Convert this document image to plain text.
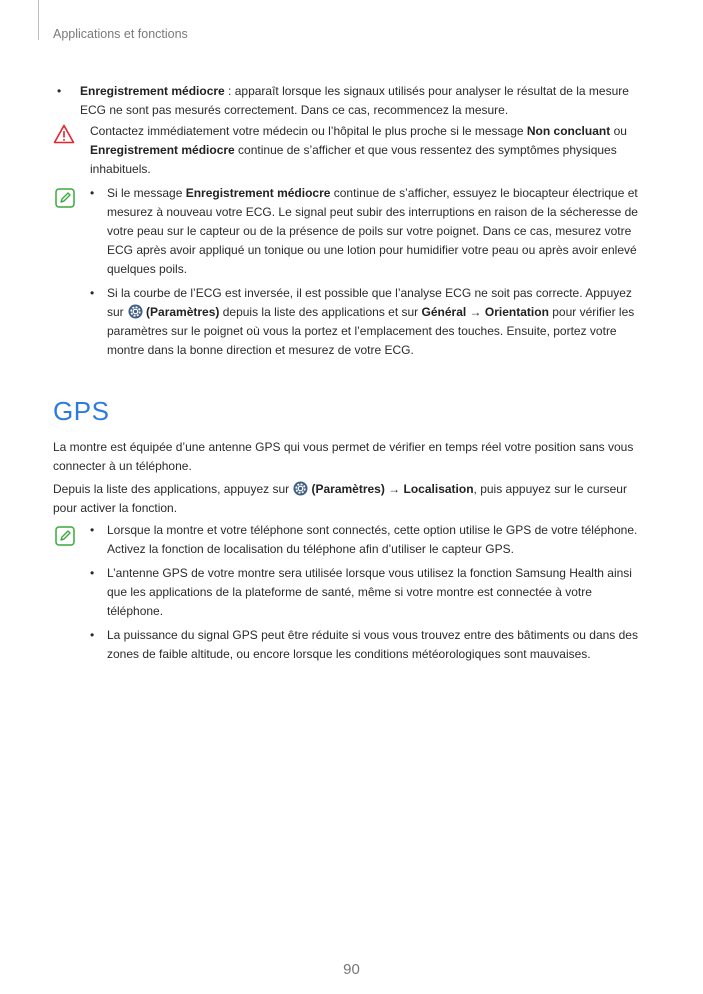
Applications et fonctions
•	Enregistrement médiocre : apparaît lorsque les signaux utilisés pour analyser le résultat de la mesure ECG ne sont pas mesurés correctement. Dans ce cas, recommencez la mesure.
Contactez immédiatement votre médecin ou l’hôpital le plus proche si le message Non concluant ou Enregistrement médiocre continue de s’afficher et que vous ressentez des symptômes physiques inhabituels.
• Si le message Enregistrement médiocre continue de s’afficher, essuyez le biocapteur électrique et mesurez à nouveau votre ECG. Le signal peut subir des interruptions en raison de la sécheresse de votre peau sur le capteur ou de la présence de poils sur votre poignet. Dans ce cas, mesurez votre ECG après avoir appliqué un tonique ou une lotion pour humidifier votre peau ou après avoir enlevé quelques poils.
• Si la courbe de l’ECG est inversée, il est possible que l’analyse ECG ne soit pas correcte. Appuyez sur (Paramètres) depuis la liste des applications et sur Général → Orientation pour vérifier les paramètres sur le poignet où vous la portez et l’emplacement des touches. Ensuite, portez votre montre dans la bonne direction et mesurez de votre ECG.
GPS
La montre est équipée d’une antenne GPS qui vous permet de vérifier en temps réel votre position sans vous connecter à un téléphone.
Depuis la liste des applications, appuyez sur (Paramètres) → Localisation, puis appuyez sur le curseur pour activer la fonction.
• Lorsque la montre et votre téléphone sont connectés, cette option utilise le GPS de votre téléphone. Activez la fonction de localisation du téléphone afin d’utiliser le capteur GPS.
• L’antenne GPS de votre montre sera utilisée lorsque vous utilisez la fonction Samsung Health ainsi que les applications de la plateforme de santé, même si votre montre est connectée à votre téléphone.
• La puissance du signal GPS peut être réduite si vous vous trouvez entre des bâtiments ou dans des zones de faible altitude, ou encore lorsque les conditions météorologiques sont mauvaises.
90
